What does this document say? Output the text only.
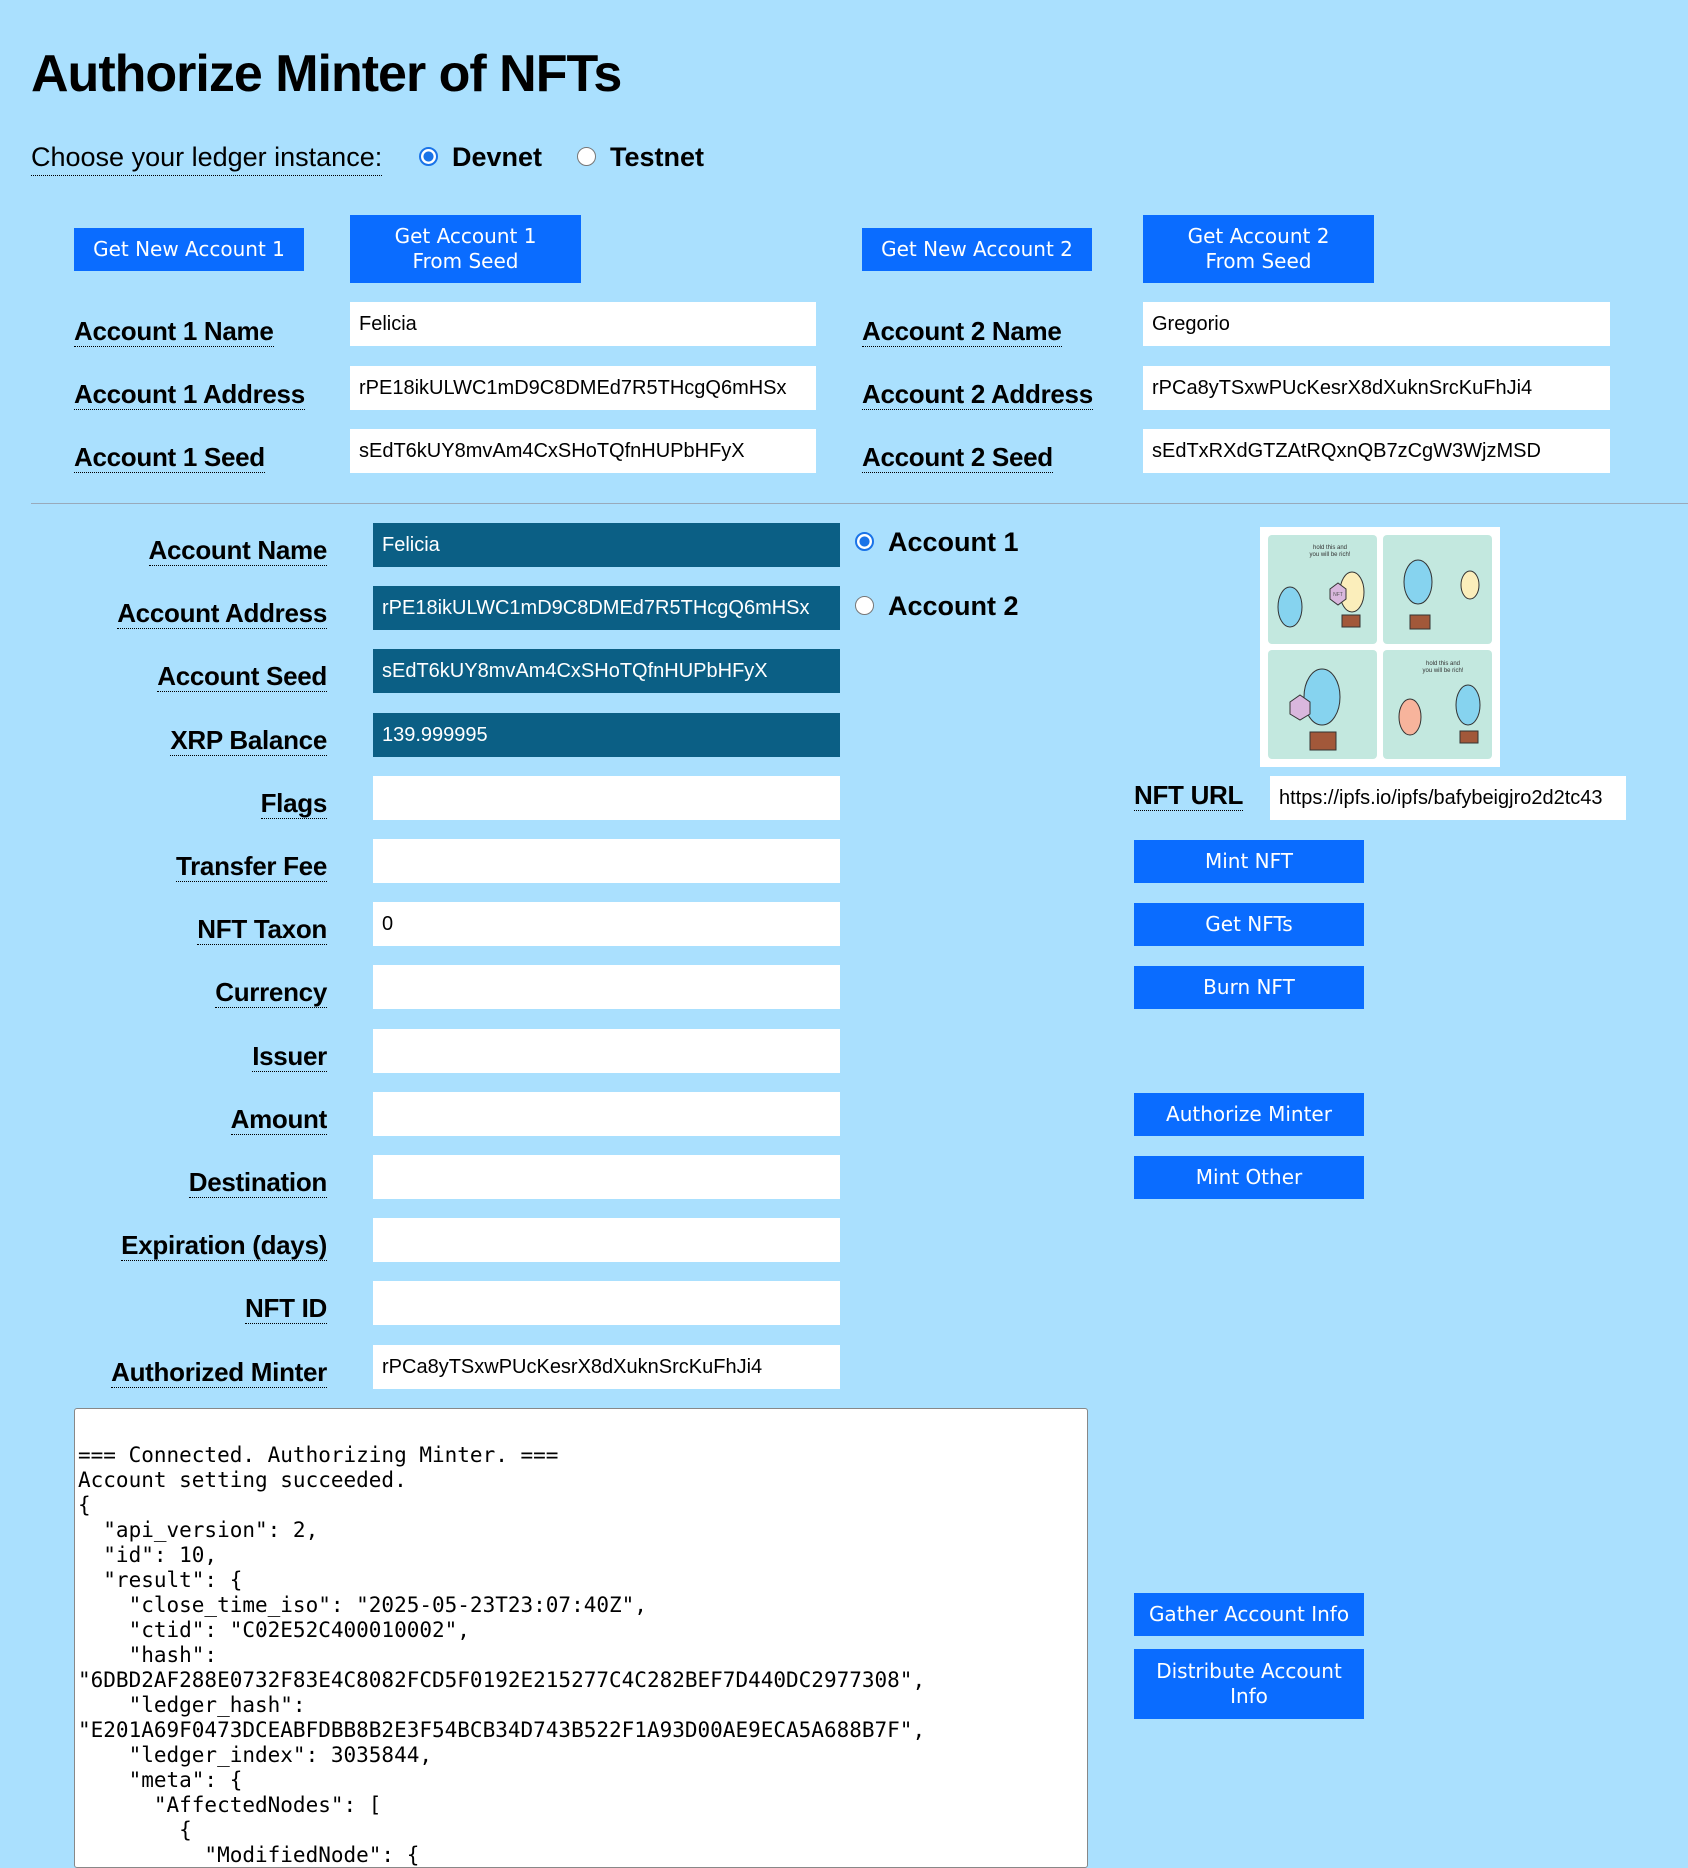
Authorize Minter of NFTs
Choose your ledger instance:	Devnet	Testnet
Get New Account 1
Get Account 1 From Seed	Get New Account 2
Get Account 2 From Seed
Account 1 Name	Felicia
Account 1 Address	rPE18ikULWC1mD9C8DMEd7R5THcgQ6mHSx
Account 1 Seed	sEdT6kUY8mvAm4CxSHoTQfnHUPbHFyX
Account 2 Name	Gregorio
Account 2 Address	rPCa8yTSxwPUcKesrX8dXuknSrcKuFhJi4
Account 2 Seed	sEdTxRXdGTZAtRQxnQB7zCgW3WjzMSD
Account Name	Felicia
Account Address	rPE18ikULWC1mD9C8DMEd7R5THcgQ6mHSx
Account Seed	sEdT6kUY8mvAm4CxSHoTQfnHUPbHFyX
XRP Balance	139.999995
Flags
Transfer Fee
NFT Taxon	0
Currency
Issuer
Amount
Destination
Expiration (days)
NFT ID
Authorized Minter	rPCa8yTSxwPUcKesrX8dXuknSrcKuFhJi4
Account 1
Account 2
hold this and
you will be rich!
hold this and
you will be rich!
NFT
NFT URL	https://ipfs.io/ipfs/bafybeigjro2d2tc43
Mint NFT
Get NFTs
Burn NFT
Authorize Minter
Mint Other
Gather Account Info
Distribute Account Info
=== Connected. Authorizing Minter. ===
Account setting succeeded.
{
"api_version": 2,
"id": 10,
"result": {
"close_time_iso": "2025-05-23T23:07:40Z",
"ctid": "C02E52C400010002",
"hash":
"6DBD2AF288E0732F83E4C8082FCD5F0192E215277C4C282BEF7D440DC2977308",
"ledger_hash":
"E201A69F0473DCEABFDBB8B2E3F54BCB34D743B522F1A93D00AE9ECA5A688B7F",
"ledger_index": 3035844,
"meta": {
"AffectedNodes": [
{
"ModifiedNode": {
